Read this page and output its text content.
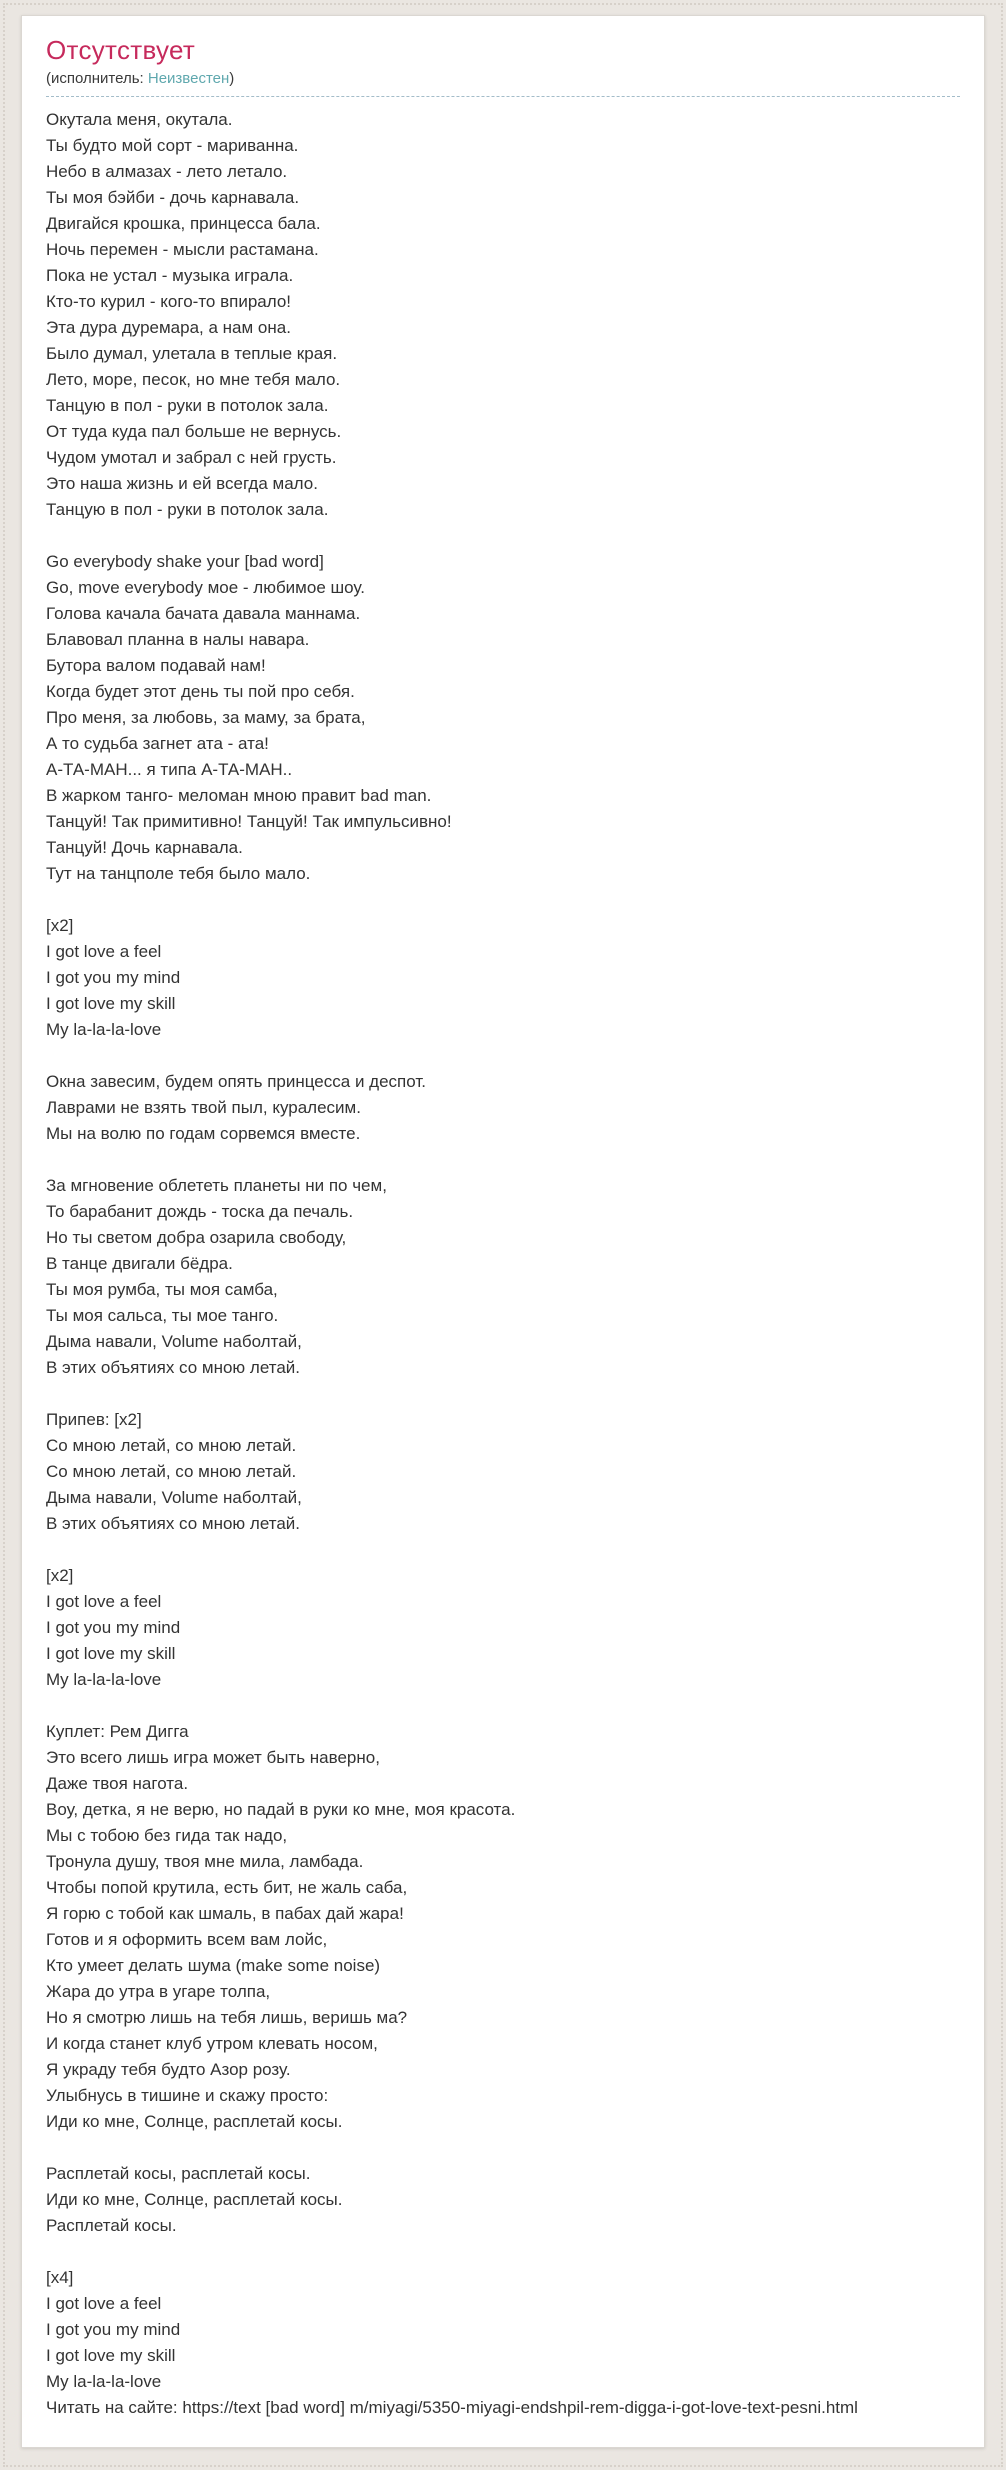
Отсутствует
(исполнитель: Неизвестен)
Окутала меня, окутала.
Ты будто мой сорт - мариванна.
Небо в алмазах - лето летало.
Ты моя бэйби - дочь карнавала.
Двигайся крошка, принцесса бала.
Ночь перемен - мысли растамана.
Пока не устал - музыка играла.
Кто-то курил - кого-то впирало!
Эта дура дуремара, а нам она.
Было думал, улетала в теплые края.
Лето, море, песок, но мне тебя мало.
Танцую в пол - руки в потолок зала.
От туда куда пал больше не вернусь.
Чудом умотал и забрал с ней грусть.
Это наша жизнь и ей всегда мало.
Танцую в пол - руки в потолок зала.
Go everybody shake your [bad word]
Go, move everybody мое - любимое шоу.
Голова качала бачата давала маннама.
Блавовал планна в налы навара.
Бутора валом подавай нам!
Когда будет этот день ты пой про себя.
Про меня, за любовь, за маму, за брата,
А то судьба загнет ата - ата!
А-ТА-МАН... я типа А-ТА-МАН..
В жарком танго- меломан мною правит bad man.
Танцуй! Так примитивно! Танцуй! Так импульсивно!
Танцуй! Дочь карнавала.
Тут на танцполе тебя было мало.
[x2]
I got love a feel
I got you my mind
I got love my skill
My la-la-la-love
Окна завесим, будем опять принцесса и деспот.
Лаврами не взять твой пыл, куралесим.
Мы на волю по годам сорвемся вместе.
За мгновение облететь планеты ни по чем,
То барабанит дождь - тоска да печаль.
Но ты светом добра озарила свободу,
В танце двигали бёдра.
Ты моя румба, ты моя самба,
Ты моя сальса, ты мое танго.
Дыма навали, Volume наболтай,
В этих объятиях со мною летай.
Припев: [x2]
Со мною летай, со мною летай.
Со мною летай, со мною летай.
Дыма навали, Volume наболтай,
В этих объятиях со мною летай.
[x2]
I got love a feel
I got you my mind
I got love my skill
My la-la-la-love
Куплет: Рем Дигга
Это всего лишь игра может быть наверно,
Даже твоя нагота.
Воу, детка, я не верю, но падай в руки ко мне, моя красота.
Мы с тобою без гида так надо,
Тронула душу, твоя мне мила, ламбада.
Чтобы попой крутила, есть бит, не жаль саба,
Я горю с тобой как шмаль, в пабах дай жара!
Готов и я оформить всем вам лойс,
Кто умеет делать шума (make some noise)
Жара до утра в угаре толпа,
Но я смотрю лишь на тебя лишь, веришь ма?
И когда станет клуб утром клевать носом,
Я украду тебя будто Азор розу.
Улыбнусь в тишине и скажу просто:
Иди ко мне, Солнце, расплетай косы.
Расплетай косы, расплетай косы.
Иди ко мне, Солнце, расплетай косы.
Расплетай косы.
[x4]
I got love a feel
I got you my mind
I got love my skill
My la-la-la-love
Читать на сайте: https://text [bad word] m/miyagi/5350-miyagi-endshpil-rem-digga-i-got-love-text-pesni.html
